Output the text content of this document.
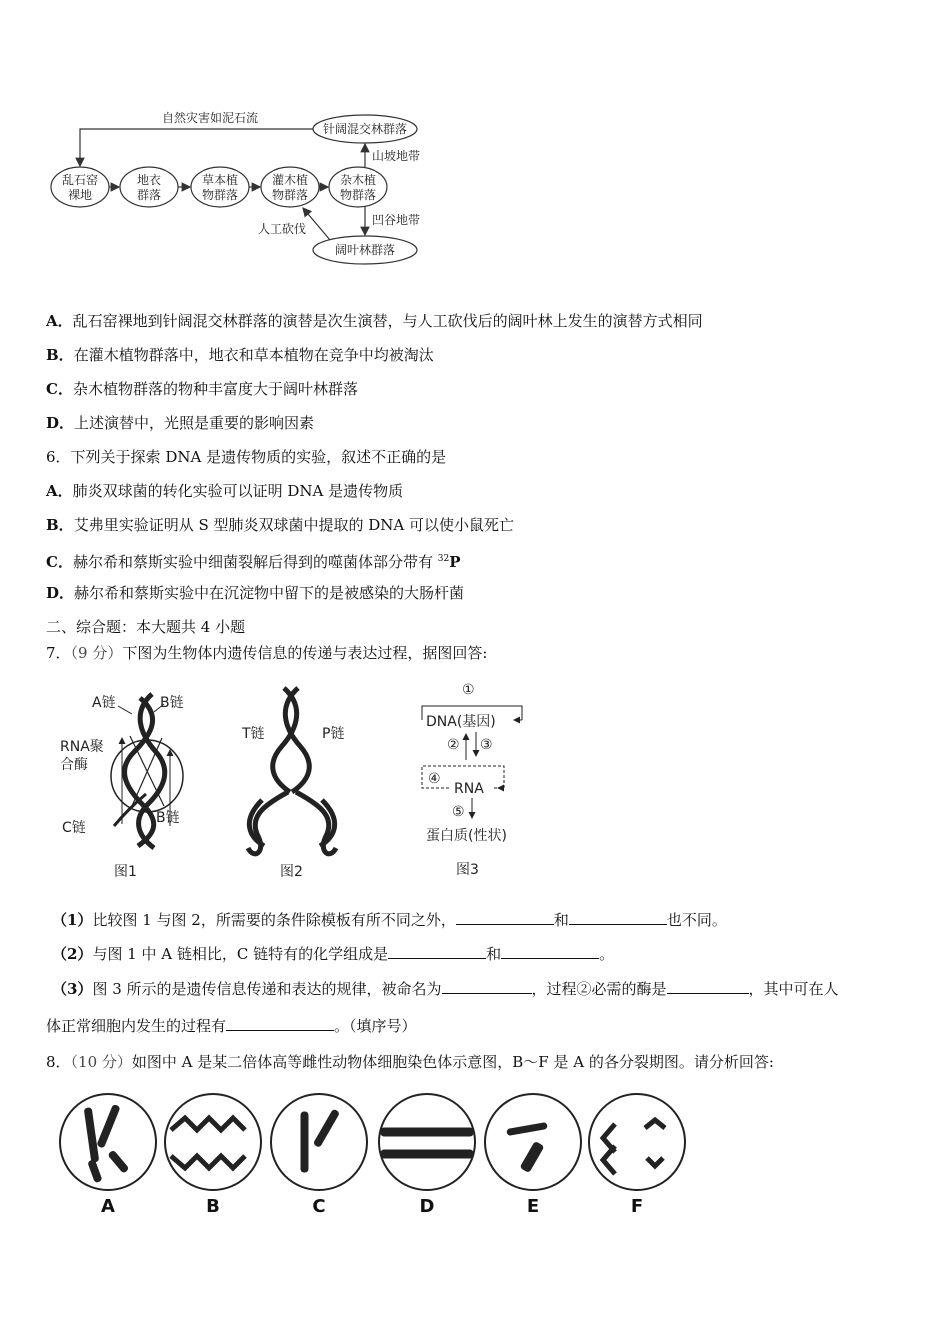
自然灾害如泥石流
乱石窑
裸地
地衣
群落
草本植
物群落
灌木植
物群落
杂木植
物群落
针阔混交林群落
阔叶林群落
山坡地带
凹谷地带
人工砍伐
A．乱石窑裸地到针阔混交林群落的演替是次生演替，与人工砍伐后的阔叶林上发生的演替方式相同
B．在灌木植物群落中，地衣和草本植物在竞争中均被淘汰
C．杂木植物群落的物种丰富度大于阔叶林群落
D．上述演替中，光照是重要的影响因素
6．下列关于探索 DNA 是遗传物质的实验，叙述不正确的是
A．肺炎双球菌的转化实验可以证明 DNA 是遗传物质
B．艾弗里实验证明从 S 型肺炎双球菌中提取的 DNA 可以使小鼠死亡
C．赫尔希和蔡斯实验中细菌裂解后得到的噬菌体部分带有 $^{32}$P
D．赫尔希和蔡斯实验中在沉淀物中留下的是被感染的大肠杆菌
二、综合题：本大题共 4 小题
7．（9 分）下图为生物体内遗传信息的传递与表达过程，据图回答:
A链	B链
RNA聚
合酶
C链
B链
图1
T链	P链
图2
①
DNA(基因)
② ③
④
RNA
⑤
蛋白质(性状)
图3
（1）比较图 1 与图 2，所需要的条件除模板有所不同之外，	和	也不同。
（2）与图 1 中 A 链相比，C 链特有的化学组成是	和	。
（3）图 3 所示的是遗传信息传递和表达的规律，被命名为	，过程②必需的酶是	，其中可在人
体正常细胞内发生的过程有	。（填序号）
8．（10 分）如图中 A 是某二倍体高等雌性动物体细胞染色体示意图，B～F 是 A 的各分裂期图。请分析回答:
A	B	C	D	E	F
